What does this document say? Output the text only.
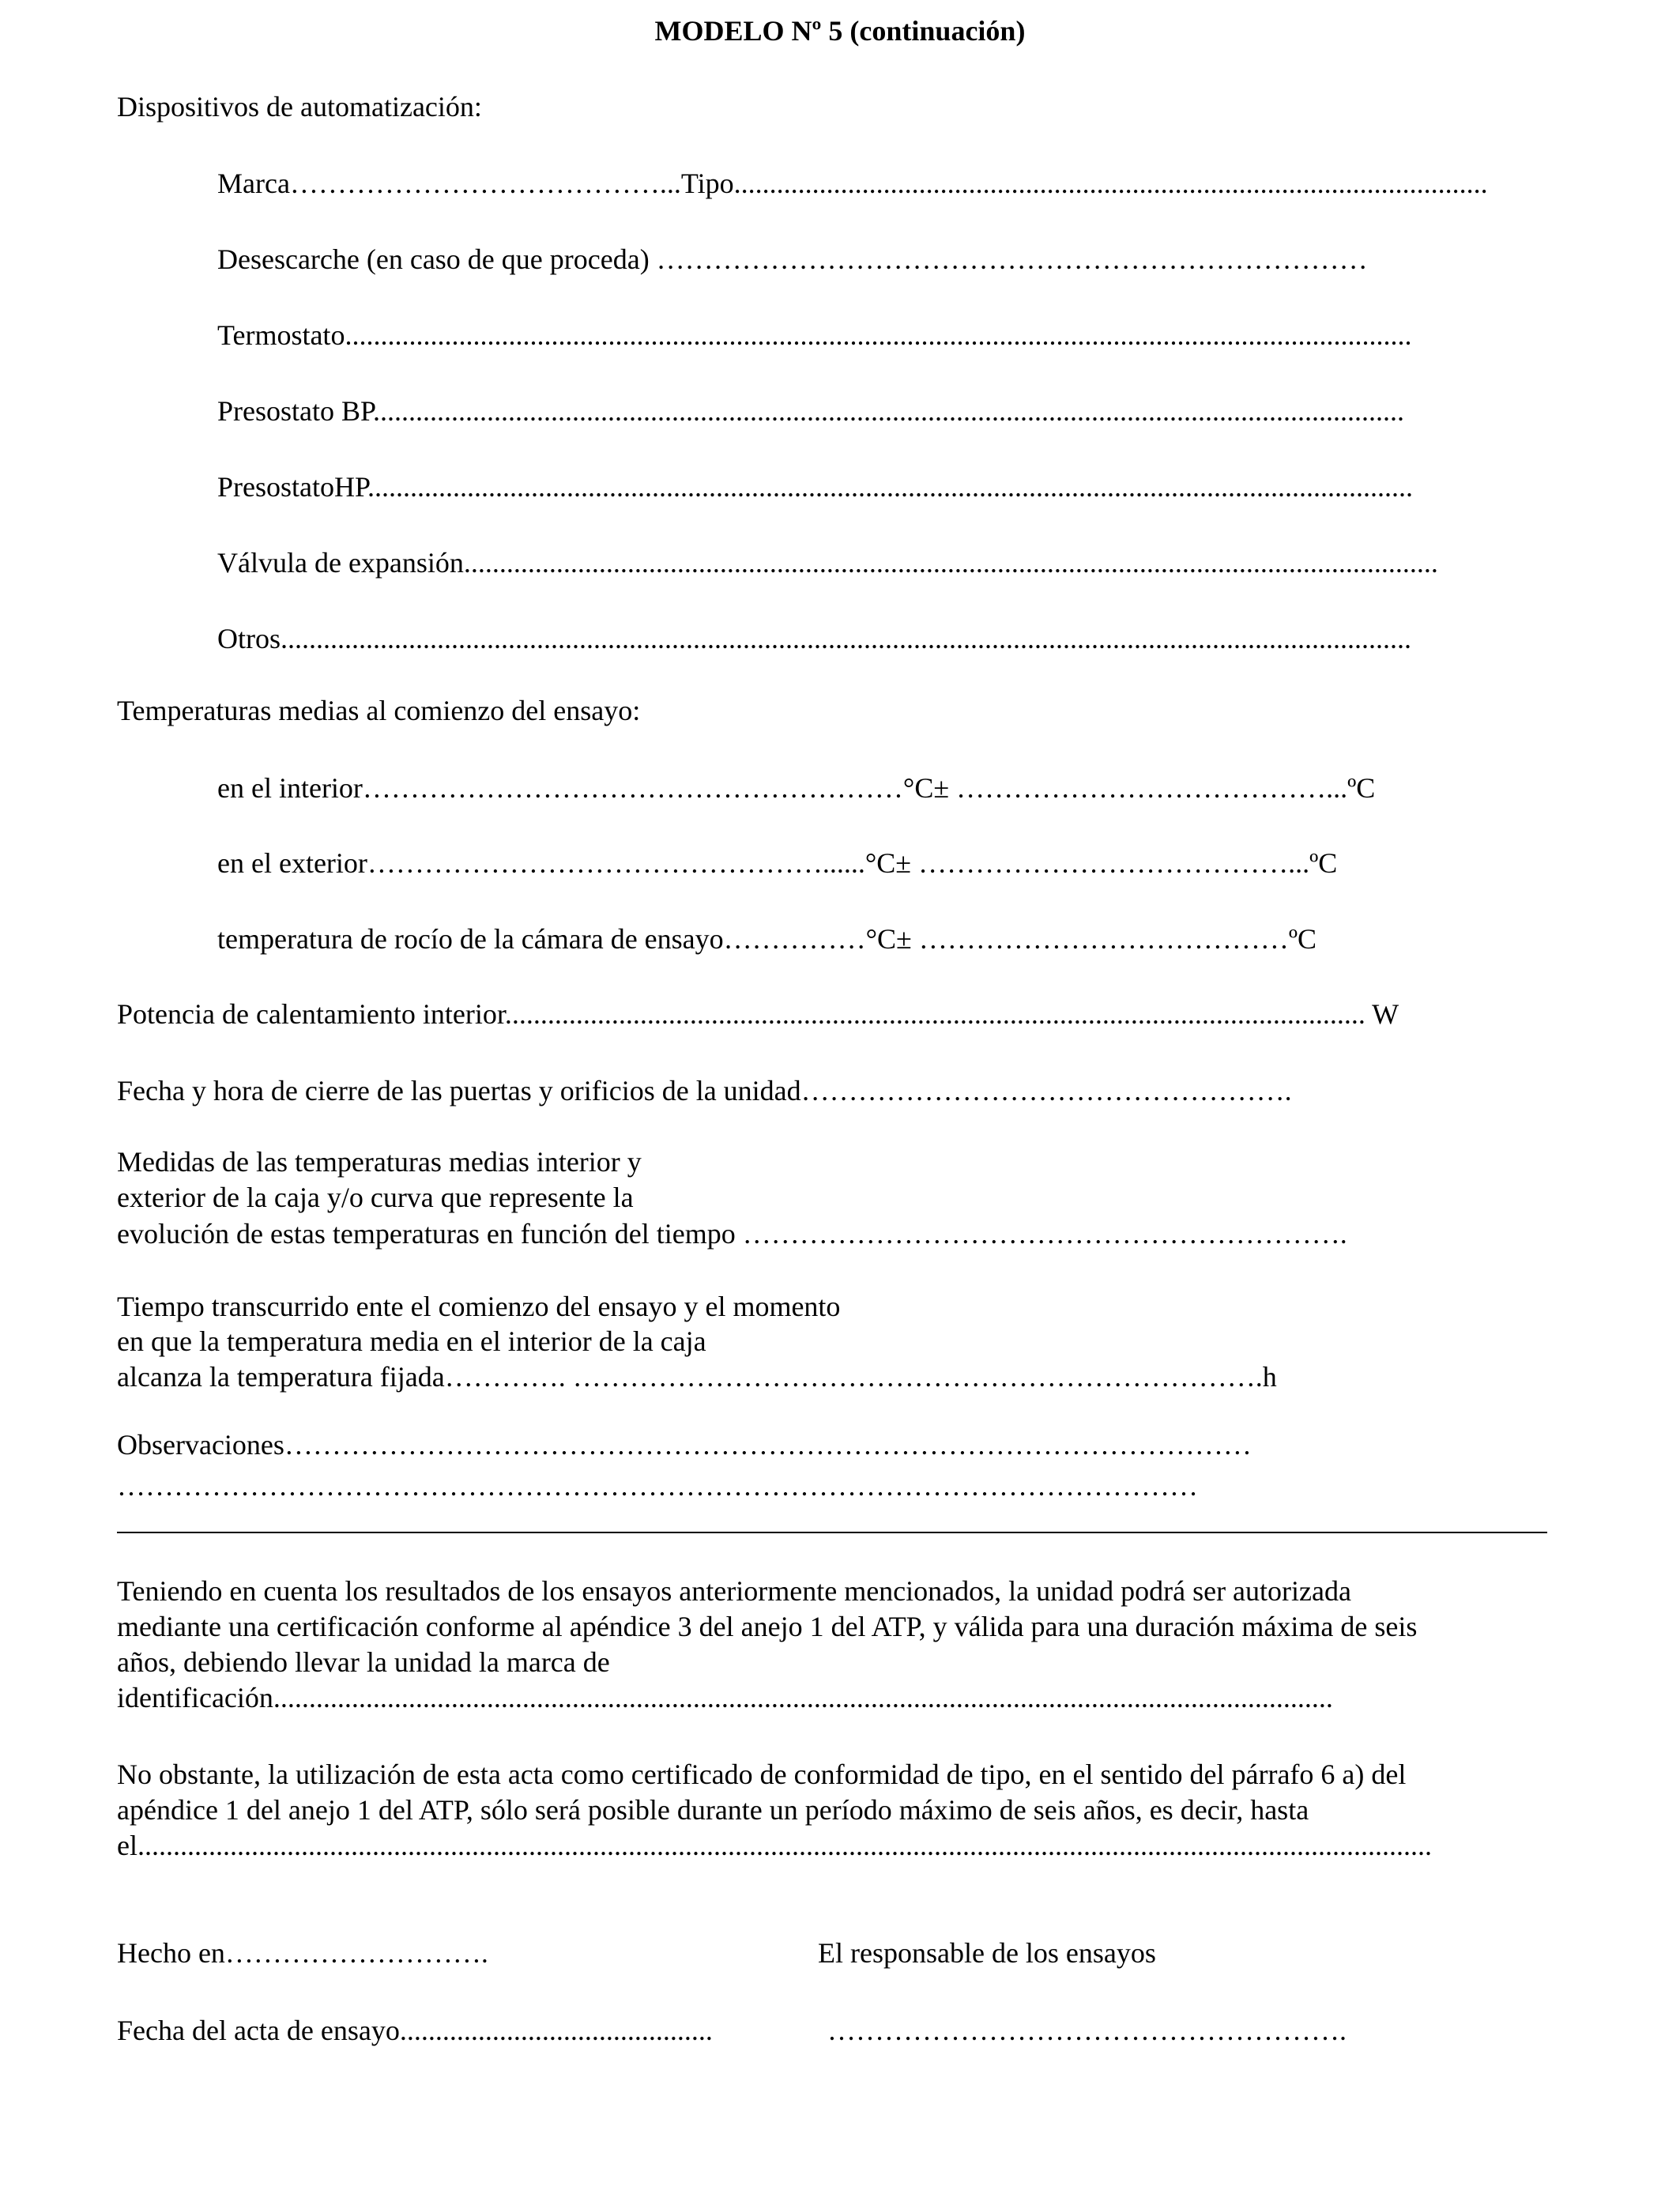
MODELO Nº 5 (continuación)
Dispositivos de automatización:
Marca…………………………………...Tipo..........................................................................................................
Desescarche (en caso de que proceda) …………………………………………………………………
Termostato......................................................................................................................................................
Presostato BP.................................................................................................................................................
PresostatoHP...................................................................................................................................................
Válvula de expansión.........................................................................................................................................
Otros...............................................................................................................................................................
Temperaturas medias al comienzo del ensayo:
en el interior…………………………………………………°C± …………………………………...ºC
en el exterior…………………………………………......°C± …………………………………...ºC
temperatura de rocío de la cámara de ensayo……………°C± …………………………………ºC
Potencia de calentamiento interior......................................................................................................................... W
Fecha y hora de cierre de las puertas y orificios de la unidad…………………………………………….
Medidas de las temperaturas medias interior y
exterior de la caja y/o curva que represente la
evolución de estas temperaturas en función del tiempo ……………………………………………………….
Tiempo transcurrido ente el comienzo del ensayo y el momento
en que la temperatura media en el interior de la caja
alcanza la temperatura fijada…………. ……………………………………………………………….h
Observaciones…………………………………………………………………………………………
……………………………………………………………………………………………………
Teniendo en cuenta los resultados de los ensayos anteriormente mencionados, la unidad podrá ser autorizada
mediante una certificación conforme al apéndice 3 del anejo 1 del ATP, y válida para una duración máxima de seis
años, debiendo llevar la unidad la marca de
identificación.....................................................................................................................................................
No obstante, la utilización de esta acta como certificado de conformidad de tipo, en el sentido del párrafo 6 a) del
apéndice 1 del anejo 1 del ATP, sólo será posible durante un período máximo de seis años, es decir, hasta
el......................................................................................................................................................................................
Hecho en……………………….	El responsable de los ensayos
Fecha del acta de ensayo............................................	……………………………………………….
